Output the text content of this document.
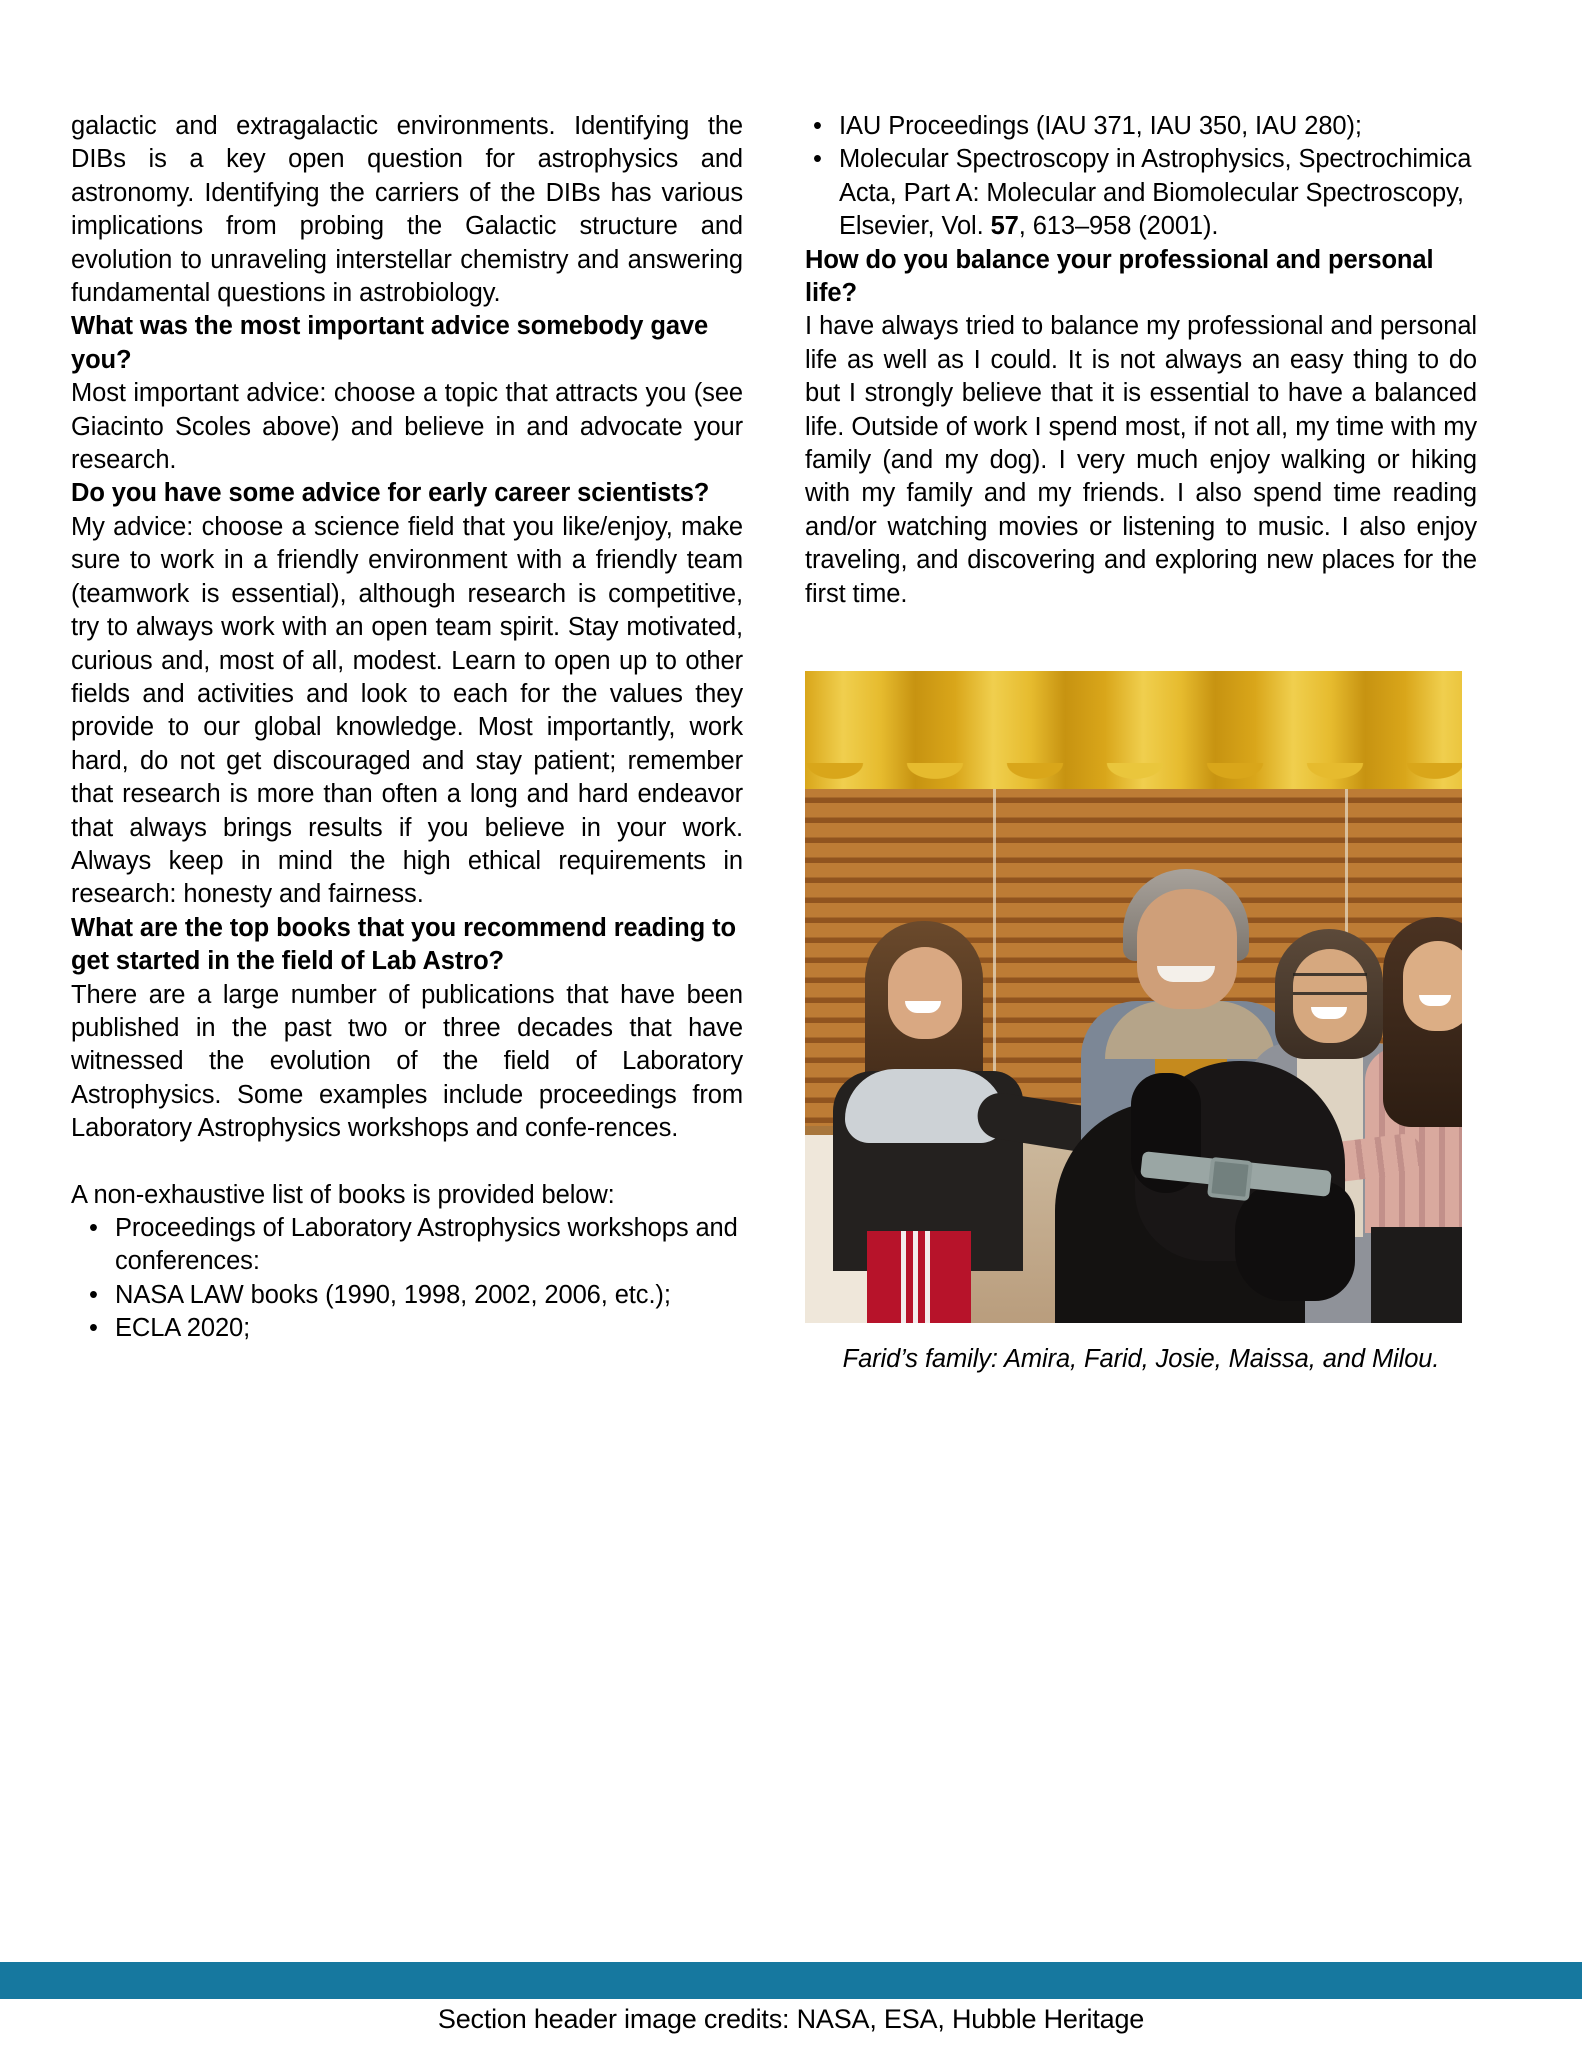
galactic and extragalactic environments. Identifying the DIBs is a key open question for astrophysics and astronomy. Identifying the carriers of the DIBs has various implications from probing the Galactic structure and evolution to unraveling interstellar chemistry and answering fundamental questions in astrobiology.

What was the most important advice somebody gave you?

Most important advice: choose a topic that attracts you (see Giacinto Scoles above) and believe in and advocate your research.

Do you have some advice for early career scientists?

My advice: choose a science field that you like/enjoy, make sure to work in a friendly environment with a friendly team (teamwork is essential), although research is competitive, try to always work with an open team spirit. Stay motivated, curious and, most of all, modest. Learn to open up to other fields and activities and look to each for the values they provide to our global knowledge. Most importantly, work hard, do not get discouraged and stay patient; remember that research is more than often a long and hard endeavor that always brings results if you believe in your work. Always keep in mind the high ethical requirements in research: honesty and fairness.

What are the top books that you recommend reading to get started in the field of Lab Astro?

There are a large number of publications that have been published in the past two or three decades that have witnessed the evolution of the field of Laboratory Astrophysics. Some examples include proceedings from Laboratory Astrophysics workshops and confe-rences.

A non-exhaustive list of books is provided below:

• Proceedings of Laboratory Astrophysics workshops and conferences:
• NASA LAW books (1990, 1998, 2002, 2006, etc.);
• ECLA 2020;
• IAU Proceedings (IAU 371, IAU 350, IAU 280);
• Molecular Spectroscopy in Astrophysics, Spectrochimica Acta, Part A: Molecular and Biomolecular Spectroscopy, Elsevier, Vol. 57, 613–958 (2001).
How do you balance your professional and personal life?

I have always tried to balance my professional and personal life as well as I could. It is not always an easy thing to do but I strongly believe that it is essential to have a balanced life. Outside of work I spend most, if not all, my time with my family (and my dog). I very much enjoy walking or hiking with my family and my friends. I also spend time reading and/or watching movies or listening to music. I also enjoy traveling, and discovering and exploring new places for the first time.

Farid’s family: Amira, Farid, Josie, Maissa, and Milou.
Section header image credits: NASA, ESA, Hubble Heritage
